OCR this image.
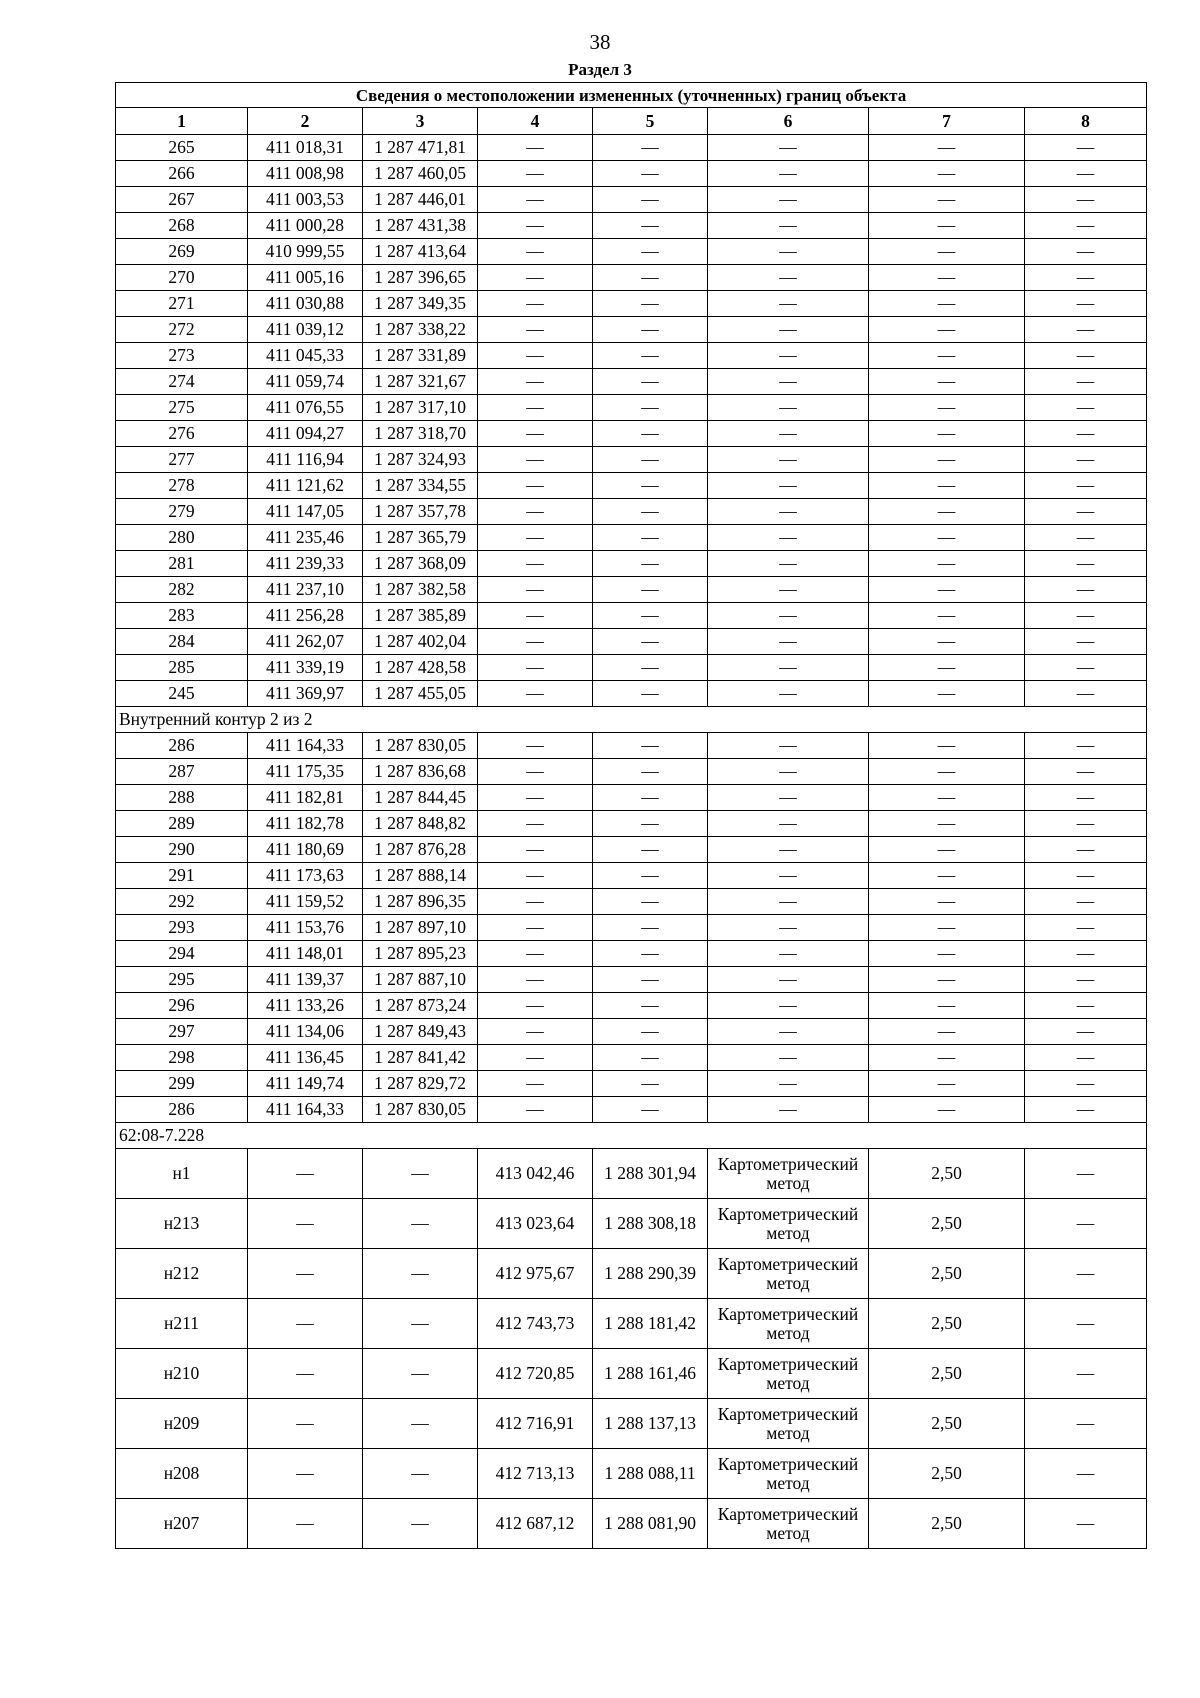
38
Раздел 3
Сведения о местоположении измененных (уточненных) границ объекта							
1	2	3	4	5	6	7	8
265	411 018,31	1 287 471,81	—	—	—	—	—
266	411 008,98	1 287 460,05	—	—	—	—	—
267	411 003,53	1 287 446,01	—	—	—	—	—
268	411 000,28	1 287 431,38	—	—	—	—	—
269	410 999,55	1 287 413,64	—	—	—	—	—
270	411 005,16	1 287 396,65	—	—	—	—	—
271	411 030,88	1 287 349,35	—	—	—	—	—
272	411 039,12	1 287 338,22	—	—	—	—	—
273	411 045,33	1 287 331,89	—	—	—	—	—
274	411 059,74	1 287 321,67	—	—	—	—	—
275	411 076,55	1 287 317,10	—	—	—	—	—
276	411 094,27	1 287 318,70	—	—	—	—	—
277	411 116,94	1 287 324,93	—	—	—	—	—
278	411 121,62	1 287 334,55	—	—	—	—	—
279	411 147,05	1 287 357,78	—	—	—	—	—
280	411 235,46	1 287 365,79	—	—	—	—	—
281	411 239,33	1 287 368,09	—	—	—	—	—
282	411 237,10	1 287 382,58	—	—	—	—	—
283	411 256,28	1 287 385,89	—	—	—	—	—
284	411 262,07	1 287 402,04	—	—	—	—	—
285	411 339,19	1 287 428,58	—	—	—	—	—
245	411 369,97	1 287 455,05	—	—	—	—	—
Внутренний контур 2 из 2							
286	411 164,33	1 287 830,05	—	—	—	—	—
287	411 175,35	1 287 836,68	—	—	—	—	—
288	411 182,81	1 287 844,45	—	—	—	—	—
289	411 182,78	1 287 848,82	—	—	—	—	—
290	411 180,69	1 287 876,28	—	—	—	—	—
291	411 173,63	1 287 888,14	—	—	—	—	—
292	411 159,52	1 287 896,35	—	—	—	—	—
293	411 153,76	1 287 897,10	—	—	—	—	—
294	411 148,01	1 287 895,23	—	—	—	—	—
295	411 139,37	1 287 887,10	—	—	—	—	—
296	411 133,26	1 287 873,24	—	—	—	—	—
297	411 134,06	1 287 849,43	—	—	—	—	—
298	411 136,45	1 287 841,42	—	—	—	—	—
299	411 149,74	1 287 829,72	—	—	—	—	—
286	411 164,33	1 287 830,05	—	—	—	—	—
62:08-7.228							
н1	—	—	413 042,46	1 288 301,94	Картометрический метод	2,50	—
н213	—	—	413 023,64	1 288 308,18	Картометрический метод	2,50	—
н212	—	—	412 975,67	1 288 290,39	Картометрический метод	2,50	—
н211	—	—	412 743,73	1 288 181,42	Картометрический метод	2,50	—
н210	—	—	412 720,85	1 288 161,46	Картометрический метод	2,50	—
н209	—	—	412 716,91	1 288 137,13	Картометрический метод	2,50	—
н208	—	—	412 713,13	1 288 088,11	Картометрический метод	2,50	—
н207	—	—	412 687,12	1 288 081,90	Картометрический метод	2,50	—
